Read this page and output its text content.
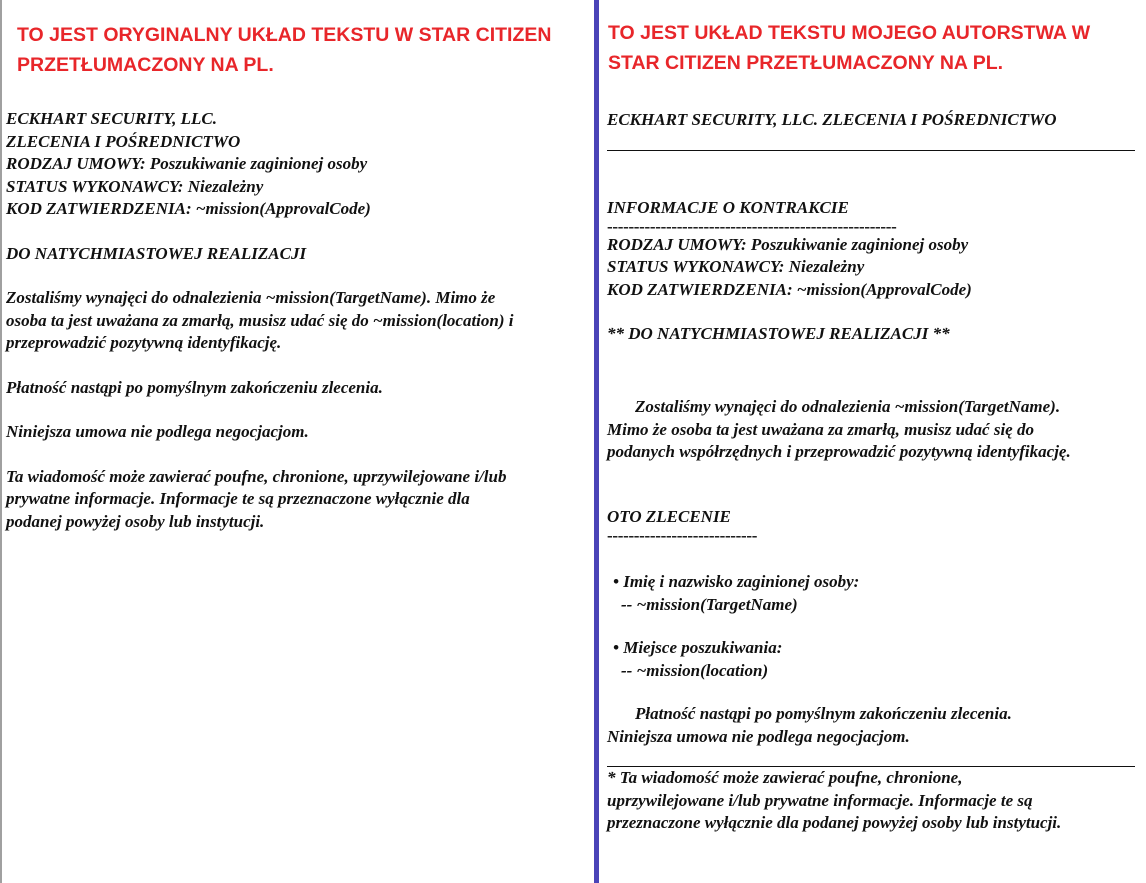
TO JEST ORYGINALNY UKŁAD TEKSTU W STAR CITIZEN
PRZETŁUMACZONY NA PL.
ECKHART SECURITY, LLC.
ZLECENIA I POŚREDNICTWO
RODZAJ UMOWY: Poszukiwanie zaginionej osoby
STATUS WYKONAWCY: Niezależny
KOD ZATWIERDZENIA: ~mission(ApprovalCode)
DO NATYCHMIASTOWEJ REALIZACJI
Zostaliśmy wynajęci do odnalezienia ~mission(TargetName). Mimo że
osoba ta jest uważana za zmarłą, musisz udać się do ~mission(location) i
przeprowadzić pozytywną identyfikację.
Płatność nastąpi po pomyślnym zakończeniu zlecenia.
Niniejsza umowa nie podlega negocjacjom.
Ta wiadomość może zawierać poufne, chronione, uprzywilejowane i/lub
prywatne informacje. Informacje te są przeznaczone wyłącznie dla
podanej powyżej osoby lub instytucji.
TO JEST UKŁAD TEKSTU MOJEGO AUTORSTWA W
STAR CITIZEN PRZETŁUMACZONY NA PL.
ECKHART SECURITY, LLC. ZLECENIA I POŚREDNICTWO
INFORMACJE O KONTRAKCIE
------------------------------------------------------
RODZAJ UMOWY: Poszukiwanie zaginionej osoby
STATUS WYKONAWCY: Niezależny
KOD ZATWIERDZENIA: ~mission(ApprovalCode)
** DO NATYCHMIASTOWEJ REALIZACJI **
Zostaliśmy wynajęci do odnalezienia ~mission(TargetName).
Mimo że osoba ta jest uważana za zmarłą, musisz udać się do
podanych współrzędnych i przeprowadzić pozytywną identyfikację.
OTO ZLECENIE
----------------------------
• Imię i nazwisko zaginionej osoby:
-- ~mission(TargetName)
• Miejsce poszukiwania:
-- ~mission(location)
Płatność nastąpi po pomyślnym zakończeniu zlecenia.
Niniejsza umowa nie podlega negocjacjom.
* Ta wiadomość może zawierać poufne, chronione,
uprzywilejowane i/lub prywatne informacje. Informacje te są
przeznaczone wyłącznie dla podanej powyżej osoby lub instytucji.
